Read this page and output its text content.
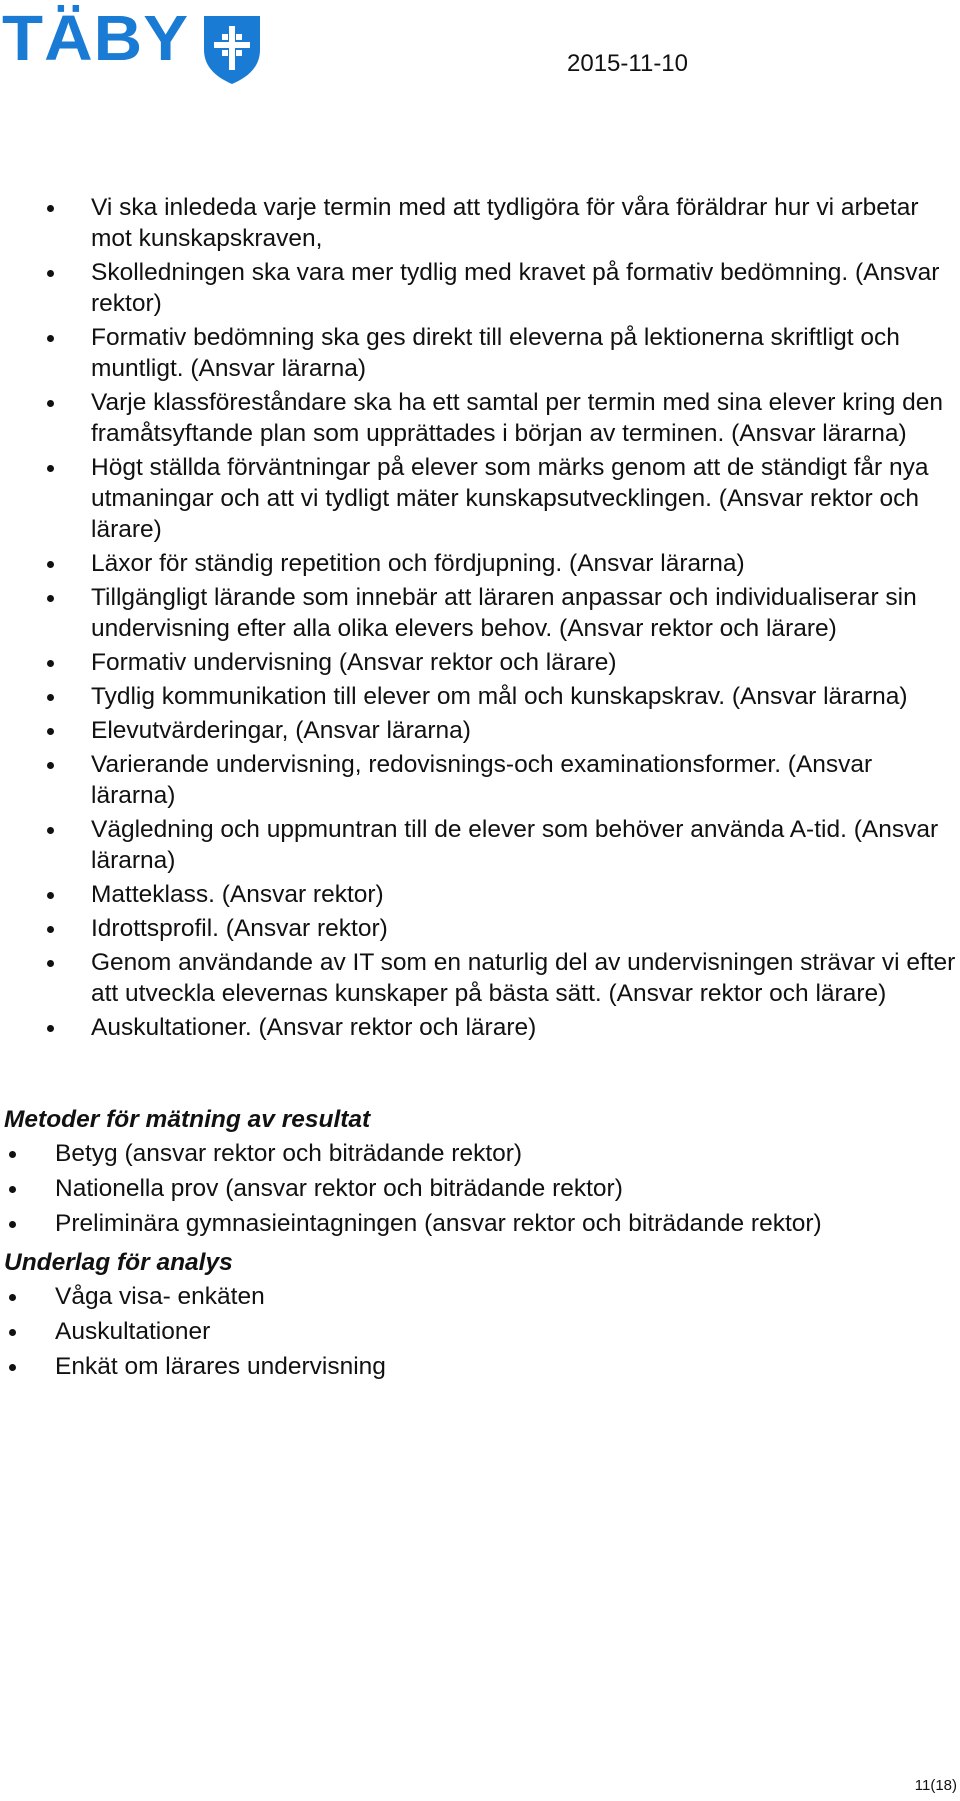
TÄBY	2015-11-10
Vi ska inlededa varje termin med att tydligöra för våra föräldrar hur vi arbetar mot kunskapskraven,
Skolledningen ska vara mer tydlig med kravet på formativ bedömning. (Ansvar rektor)
Formativ bedömning ska ges direkt till eleverna på lektionerna skriftligt och muntligt. (Ansvar lärarna)
Varje klassföreståndare ska ha ett samtal per termin med sina elever kring den framåtsyftande plan som upprättades i början av terminen. (Ansvar lärarna)
Högt ställda förväntningar på elever som märks genom att de ständigt får nya utmaningar och att vi tydligt mäter kunskapsutvecklingen. (Ansvar rektor och lärare)
Läxor för ständig repetition och fördjupning. (Ansvar lärarna)
Tillgängligt lärande som innebär att läraren anpassar och individualiserar sin undervisning efter alla olika elevers behov. (Ansvar rektor och lärare)
Formativ undervisning (Ansvar rektor och lärare)
Tydlig kommunikation till elever om mål och kunskapskrav. (Ansvar lärarna)
Elevutvärderingar, (Ansvar lärarna)
Varierande undervisning, redovisnings-och examinationsformer. (Ansvar lärarna)
Vägledning och uppmuntran till de elever som behöver använda A-tid. (Ansvar lärarna)
Matteklass. (Ansvar rektor)
Idrottsprofil. (Ansvar rektor)
Genom användande av IT som en naturlig del av undervisningen strävar vi efter att utveckla elevernas kunskaper på bästa sätt. (Ansvar rektor och lärare)
Auskultationer. (Ansvar rektor och lärare)
Metoder för mätning av resultat
Betyg (ansvar rektor och biträdande rektor)
Nationella prov (ansvar rektor och biträdande rektor)
Preliminära gymnasieintagningen (ansvar rektor och biträdande rektor)
Underlag för analys
Våga visa- enkäten
Auskultationer
Enkät om lärares undervisning
11(18)
